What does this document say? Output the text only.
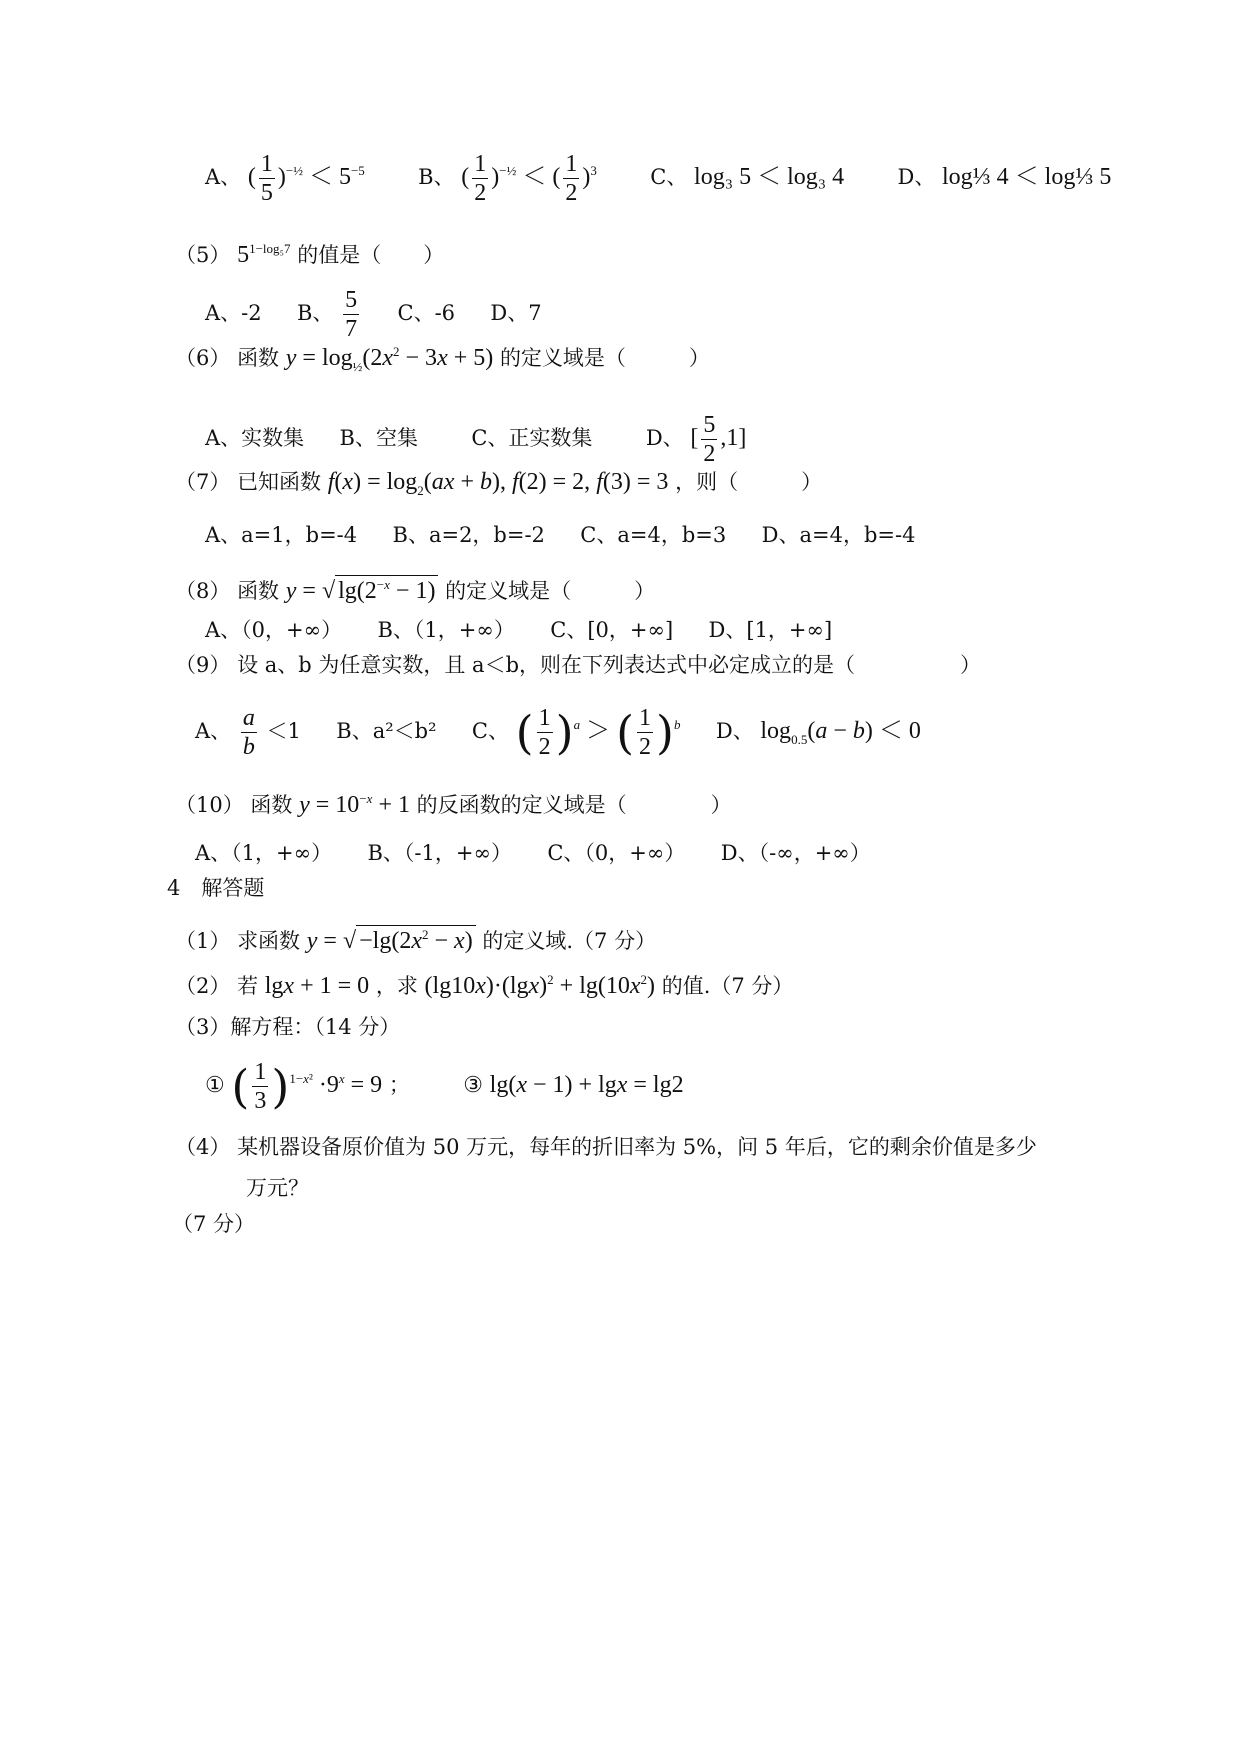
A、 ( $\frac{1}{5} )^{-\frac{1}{2}} < 5^{-5}$	B、 ( $\frac{1}{2} )^{-\frac{1}{2}}$ ＜ ( $\frac{1}{2} )^3$	C、 log₃ 5 ＜ log₃ 4	D、 log⅓ 4 ＜ log⅓ 5
（5） $5^{1-log_57}$ 的值是（　　）
A、-2 B、 $\frac{5}{7}$ C、-6 D、7
（6） 函数 $y = \log_{\frac{1}{2}}(2x^2 - 3x + 5)$ 的定义域是（　　　）
A、实数集 B、空集	C、正实数集	D、 [ $\frac{5}{2} ,1$]
（7） 已知函数 $f(x) = \log_2(ax + b)$, f(2) = 2, f(3) = 3 ，则（　　　）
A、a=1，b=-4 B、a=2，b=-2 C、a=4，b=3 D、a=4，b=-4
（8） 函数 y = √ $\lg(2^{-x} - 1)$ 的定义域是（　　　）
A、（0，+∞） B、（1，+∞） C、[0，+∞] D、[1，+∞]
（9） 设 a、b 为任意实数，且 a＜b，则在下列表达式中必定成立的是（　　　　　）
A、 $\frac{a}{b} <1$ B、a²＜b² C、 ( $\frac{1}{2} )^a$ ＞ ( $\frac{1}{2} )^b$ D、 $\log_{0.5}(a - b) < 0$
（10） 函数 $y = 10^{-x} + 1$ 的反函数的定义域是（　　　　）
A、（1，+∞） B、（-1，+∞） C、（0，+∞） D、（-∞，+∞）
4　解答题
（1） 求函数 y = √ $-\lg(2x^2 - x)$ 的定义域.（7 分）
（2） 若 lgx + 1 = 0 ，求 $(\lg 10x)\cdot(\lg x)^2 + \lg(10x^2)$ 的值.（7 分）
（3）解方程：（14 分）
① ( $\frac{1}{3} )^{1-x^2} \cdot 9^x = 9$ ； ③ lg(x − 1) + lgx = lg2
（4） 某机器设备原价值为 50 万元，每年的折旧率为 5%，问 5 年后，它的剩余价值是多少
万元？
（7 分）
